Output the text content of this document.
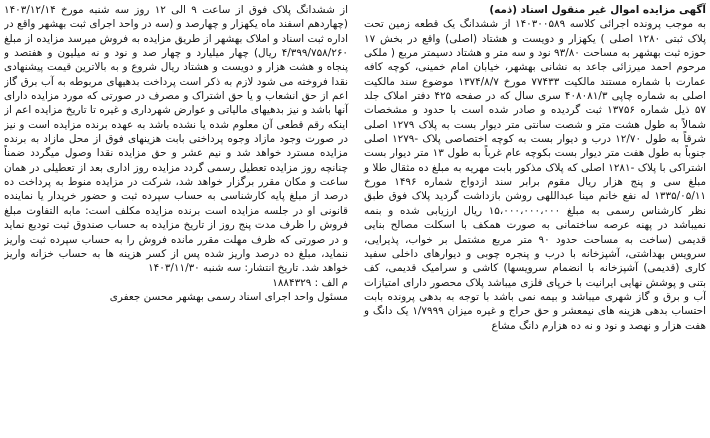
از ششدانگ پلاک فوق از ساعت ۹ الی ۱۲ روز سه شنبه مورخ ۱۴۰۳/۱۲/۱۴ (چهاردهم اسفند ماه یکهزار و چهارصد و (سه در واحد اجرای ثبت بهشهر واقع در اداره ثبت اسناد و املاک بهشهر از طریق مزایده به فروش میرسد مزایده از مبلغ ۴/۳۹۹/۷۵۸/۲۶۰ ریال) چهار میلیارد و چهار صد و نود و نه میلیون و هفتصد و پنجاه و هشت هزار و دویست و هشتاد ریال شروع و به بالاترین قیمت پیشنهادی نقدا فروخته می شود لازم به ذکر است پرداخت بدهیهای مربوطه به آب برق گاز اعم از حق انشعاب و یا حق اشتراک و مصرف در صورتی که مورد مزایده دارای آنها باشد و نیز بدهیهای مالیاتی و عوارض شهرداری و غیره تا تاریخ مزایده اعم از اینکه رقم قطعی آن معلوم شده یا نشده باشد به عهده برنده مزایده است و نیز در صورت وجود مازاد وجوه پرداختی بابت هزینهای فوق از محل مازاد به برنده مزایده مسترد خواهد شد و نیم عشر و حق مزایده نقدا وصول میگردد ضمناً چنانچه روز مزایده تعطیل رسمی گردد مزایده روز اداری بعد از تعطیلی در همان ساعت و مکان مقرر برگزار خواهد شد، شرکت در مزایده منوط به پرداخت ده درصد از مبلغ پایه کارشناسی به حساب سپرده ثبت و حضور خریدار یا نماینده قانونی او در جلسه مزایده است برنده مزایده مکلف است: مابه التفاوت مبلغ فروش را ظرف مدت پنج روز از تاریخ مزایده به حساب صندوق ثبت تودیع نماید و در صورتی که ظرف مهلت مقرر مانده فروش را به حساب سپرده ثبت واریز ننماید، مبلغ ده درصد واریز شده پس از کسر هزینه ها به حساب خزانه واریز خواهد شد. تاریخ انتشار: سه شنبه ۱۴۰۳/۱۱/۳۰

م الف : ۱۸۸۴۳۲۹
مسئول واحد اجرای اسناد رسمی بهشهر محسن جعفری
آگهی مزایده اموال غیر منقول اسناد (ذمه)

به موجب پرونده اجرائی کلاسه ۱۴۰۳۰۰۵۸۹ از ششدانگ یک قطعه زمین تحت پلاک ثبتی ۱۲۸۰ اصلی ) یکهزار و دویست و هشتاد (اصلی) واقع در بخش ۱۷ حوزه ثبت بهشهر به مساحت ۹۳/۸۰ نود و سه متر و هشتاد دسیمتر مربع ( ملکی مرحوم احمد میرزائی جاعد به نشانی بهشهر، خیابان امام خمینی، کوچه کافه عمارت با شماره مستند مالکیت ۷۷۴۳۳ مورخ ۱۳۷۴/۸/۷ موضوع سند مالکیت اصلی به شماره چاپی ۴۰۸۰۸۱/۳ سری سال که در صفحه ۴۲۵ دفتر املاک جلد ۵۷ ذیل شماره ۱۳۷۵۶ ثبت گردیده و صادر شده است با حدود و مشخصات شمالاً به طول هشت متر و شصت سانتی متر دیوار بست به پلاک ۱۲۷۹ اصلی شرقاً به طول ۱۲/۷۰ درب و دیوار بست به کوچه اختصاصی پلاک -۱۲۷۹ اصلی جنوباً به طول هفت متر دیوار بست بکوچه عام غرباً به طول ۱۳ متر دیوار بست اشتراکی با پلاک -۱۲۸۱ اصلی که پلاک مذکور بابت مهریه به مبلغ ده مثقال طلا و مبلغ سی و پنج هزار ریال مقوم برابر سند ازدواج شماره ۱۴۹۶ مورخ ۱۳۳۵/۰۵/۱۱ له نفع خانم مینا عبداللهی روشن بازداشت گردید پلاک فوق طبق نظر کارشناس رسمی به مبلغ ۱۵،۰۰۰،۰۰۰،۰۰۰ ریال ارزیابی شده و بنمه نمیباشد در پهنه عرصه ساختمانی به صورت همکف با اسکلت مصالح بنایی قدیمی (ساخت به مساحت حدود ۹۰ متر مربع مشتمل بر خواب، پذیرایی، سرویس بهداشتی، آشپزخانه با درب و پنجره چوبی و دیوارهای داخلی سفید کاری (قدیمی) آشپزخانه با انضمام سرویسها) کاشی و سرامیک قدیمی، کف بتنی و پوشش نهایی ایرانیت با خرپای فلزی میباشد پلاک محصور دارای امتیازات آب و برق و گاز شهری میباشد و بیمه نمی باشد با توجه به بدهی پرونده بابت احتساب بدهی هزینه های نیمعشر و حق حراج و غیره میزان ۱/۷۹۹۹ یک دانگ و هفت هزار و نهصد و نود و نه ده هزارم دانگ مشاع
